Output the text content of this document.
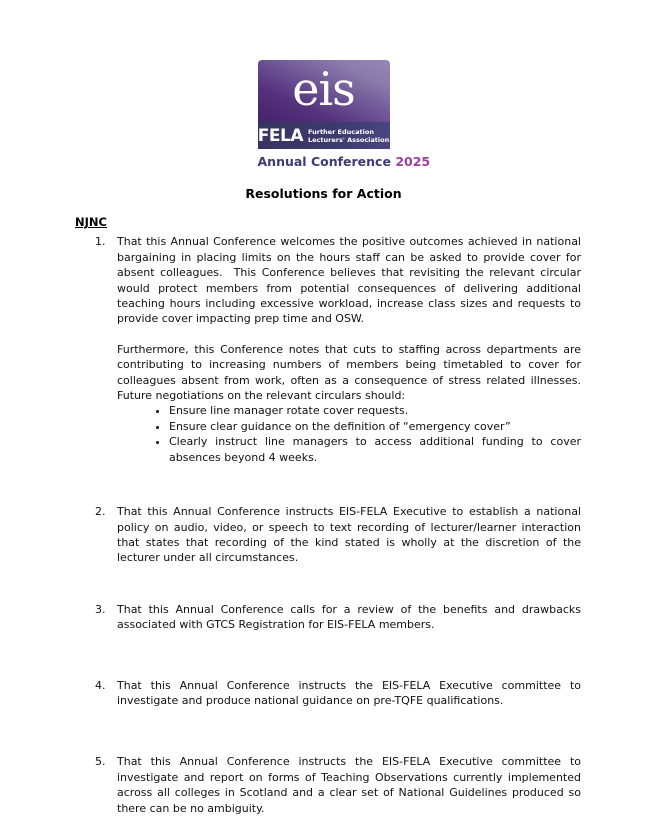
eis
FELA Further Education
Lecturers' Association
Annual Conference 2025
Resolutions for Action
NJNC
1.	That this Annual Conference welcomes the positive outcomes achieved in national bargaining in placing limits on the hours staff can be asked to provide cover for absent colleagues.  This Conference believes that revisiting the relevant circular would protect members from potential consequences of delivering additional teaching hours including excessive workload, increase class sizes and requests to provide cover impacting prep time and OSW.

Furthermore, this Conference notes that cuts to staffing across departments are contributing to increasing numbers of members being timetabled to cover for colleagues absent from work, often as a consequence of stress related illnesses.  Future negotiations on the relevant circulars should:

• Ensure line manager rotate cover requests.
• Ensure clear guidance on the definition of “emergency cover”
• Clearly instruct line managers to access additional funding to cover absences beyond 4 weeks.
2.	That this Annual Conference instructs EIS-FELA Executive to establish a national policy on audio, video, or speech to text recording of lecturer/learner interaction that states that recording of the kind stated is wholly at the discretion of the lecturer under all circumstances.

3.	That this Annual Conference calls for a review of the benefits and drawbacks associated with GTCS Registration for EIS-FELA members.

4.	That this Annual Conference instructs the EIS-FELA Executive committee to investigate and produce national guidance on pre-TQFE qualifications.

5.	That this Annual Conference instructs the EIS-FELA Executive committee to investigate and report on forms of Teaching Observations currently implemented across all colleges in Scotland and a clear set of National Guidelines produced so there can be no ambiguity.
